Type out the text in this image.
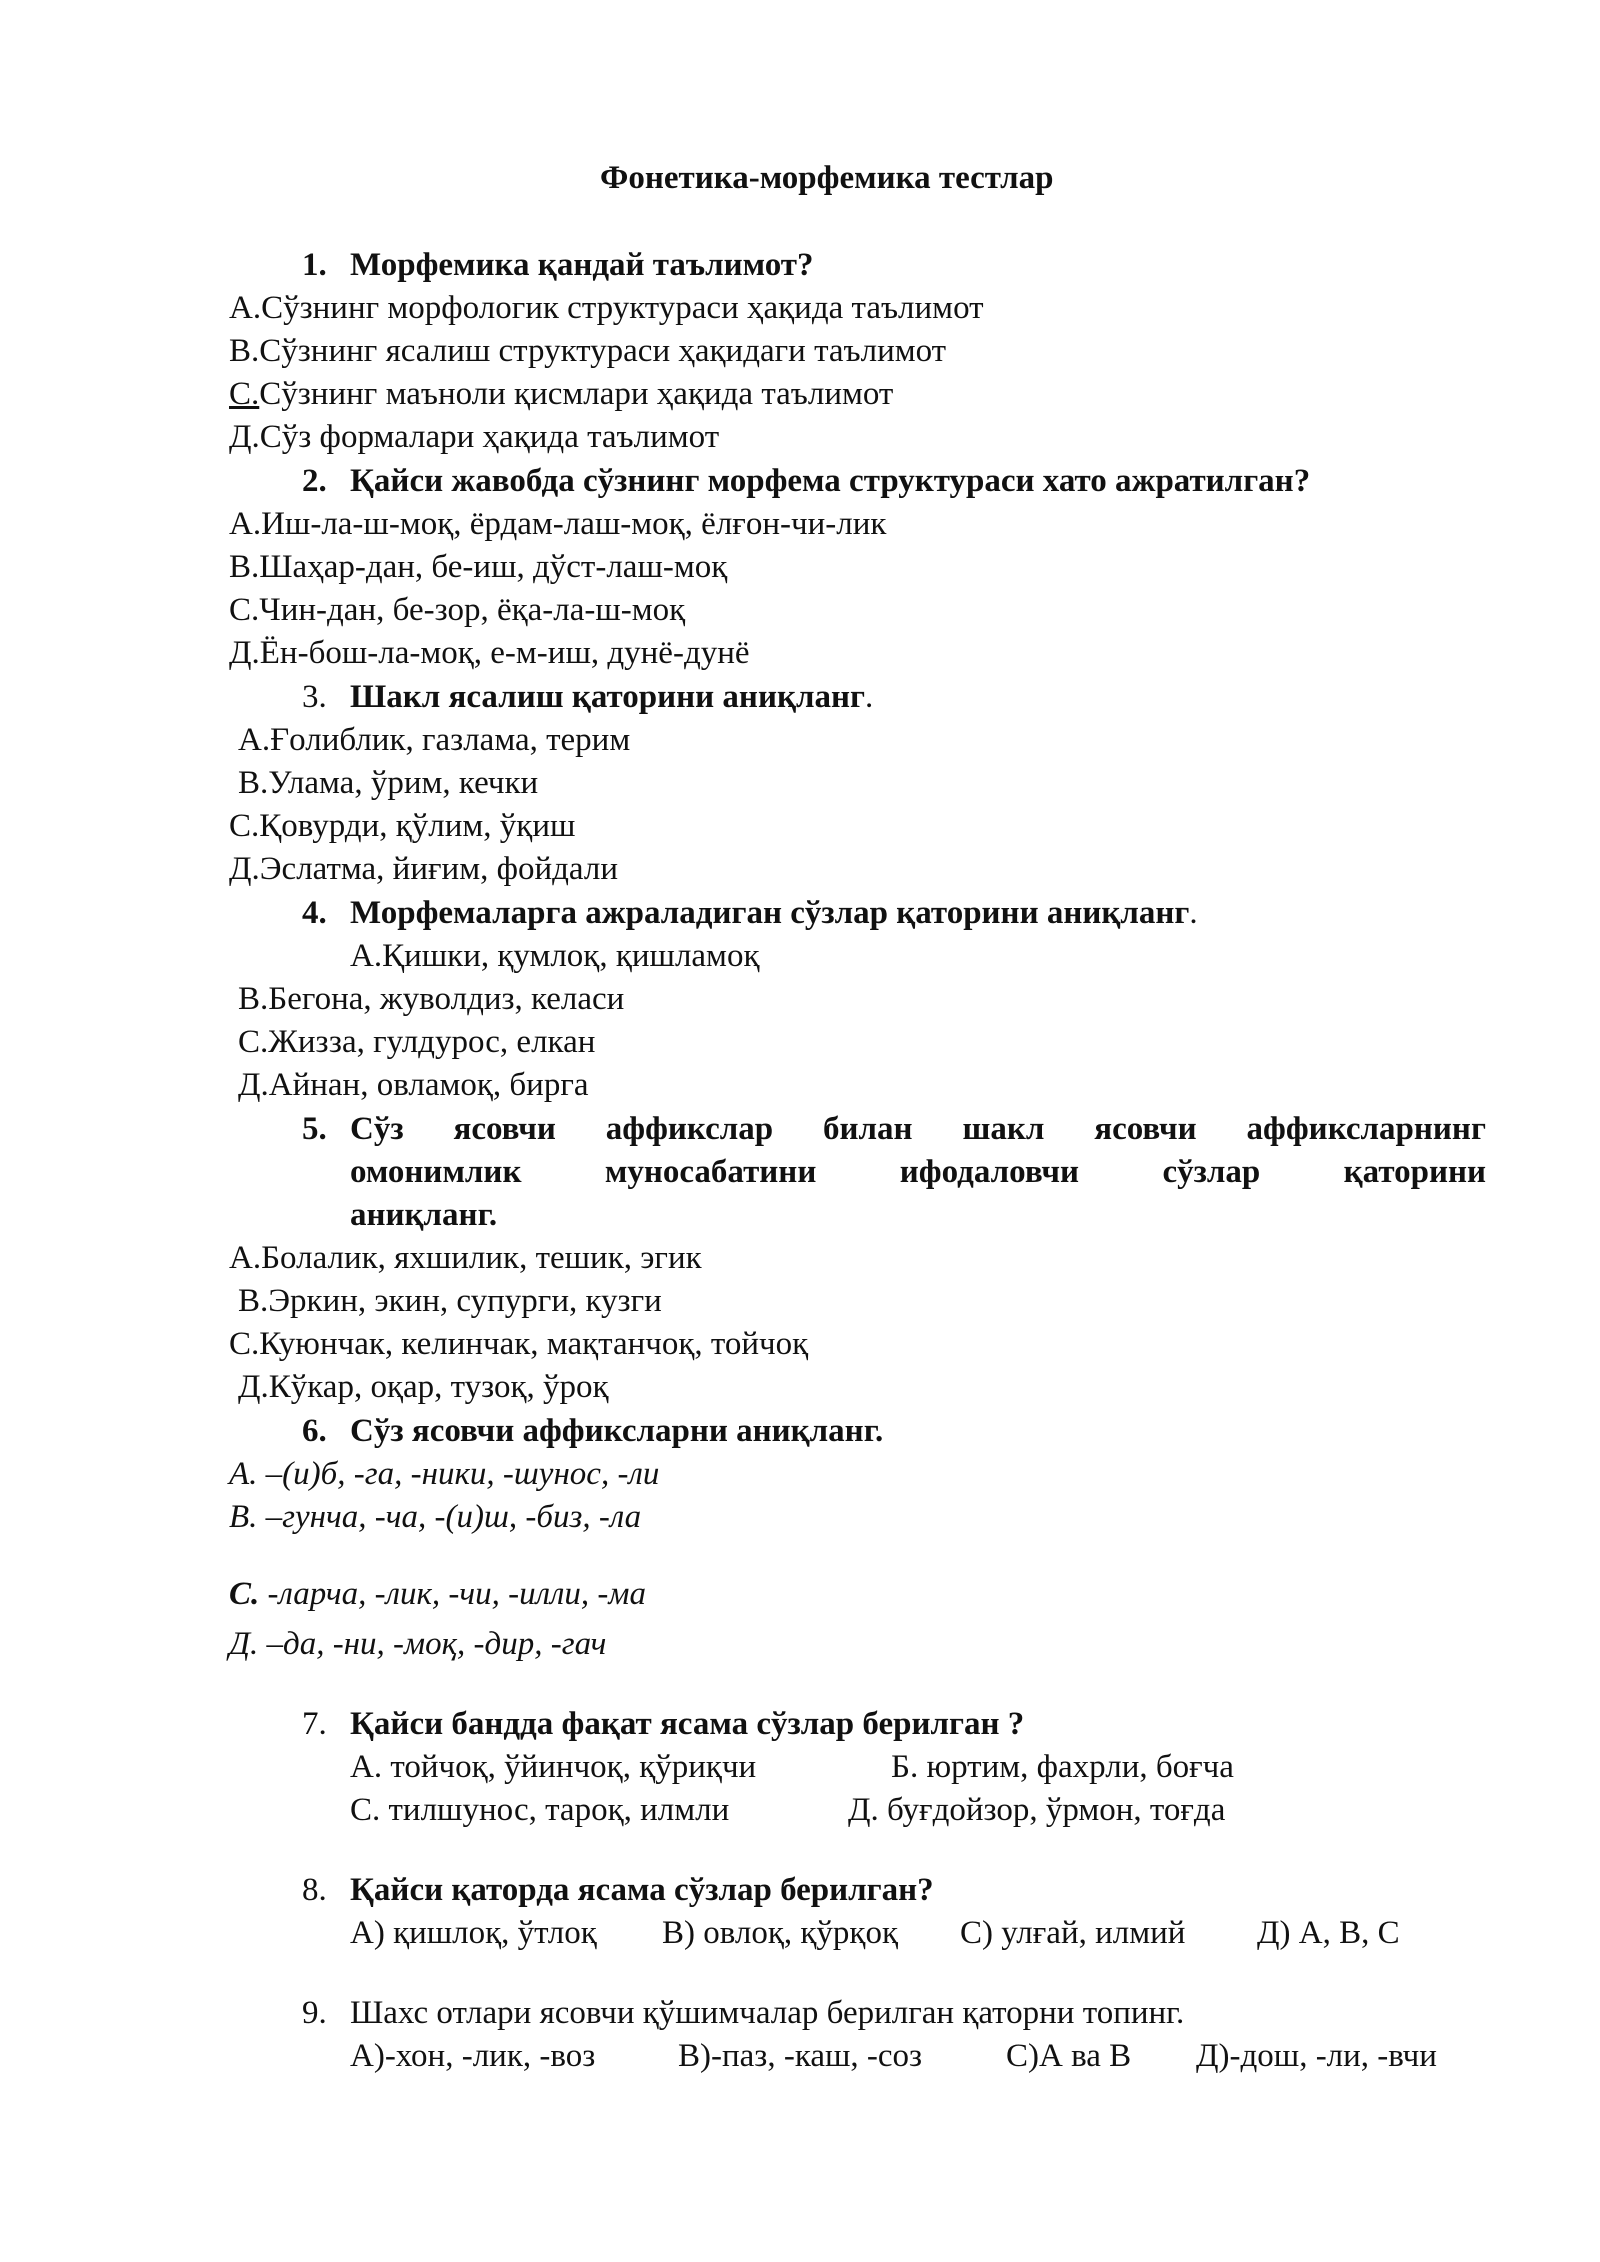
Фонетика-морфемика тестлар
1. Морфемика қандай таълимот?
А.Сўзнинг морфологик структураси ҳақида таълимот
В.Сўзнинг ясалиш структураси ҳақидаги таълимот
С.Сўзнинг маъноли қисмлари ҳақида таълимот
Д.Сўз формалари ҳақида таълимот
2. Қайси жавобда сўзнинг морфема структураси хато ажратилган?
А.Иш-ла-ш-моқ, ёрдам-лаш-моқ, ёлғон-чи-лик
В.Шаҳар-дан, бе-иш, дўст-лаш-моқ
С.Чин-дан, бе-зор, ёқа-ла-ш-моқ
Д.Ён-бош-ла-моқ, е-м-иш, дунё-дунё
3. Шакл ясалиш қаторини аниқланг.
А.Ғолиблик, газлама, терим
В.Улама, ўрим, кечки
С.Қовурди, қўлим, ўқиш
Д.Эслатма, йиғим, фойдали
4. Морфемаларга ажраладиган сўзлар қаторини аниқланг.
А.Қишки, қумлоқ, қишламоқ
В.Бегона, жуволдиз, келаси
С.Жизза, гулдурос, елкан
Д.Айнан, овламоқ, бирга
5. Сўз ясовчи аффикслар билан шакл ясовчи аффиксларнинг
омонимлик	муносабатини	ифодаловчи	сўзлар	қаторини
аниқланг.
А.Болалик, яхшилик, тешик, эгик
В.Эркин, экин, супурги, кузги
С.Куюнчак, келинчак, мақтанчоқ, тойчоқ
Д.Кўкар, оқар, тузоқ, ўроқ
6. Сўз ясовчи аффиксларни аниқланг.
А. –(и)б, -га, -ники, -шунос, -ли
В. –гунча, -ча, -(и)ш, -биз, -ла
С. -ларча, -лик, -чи, -илли, -ма
Д. –да, -ни, -моқ, -дир, -гач
7. Қайси бандда фақат ясама сўзлар берилган ?
А. тойчоқ, ўйинчоқ, қўриқчи	Б. юртим, фахрли, боғча
С. тилшунос, тароқ, илмли	Д. буғдойзор, ўрмон, тоғда
8. Қайси қаторда ясама сўзлар берилган?
А) қишлоқ, ўтлоқ В) овлоқ, қўрқоқ С) улғай, илмий Д) А, В, С
9. Шахс отлари ясовчи қўшимчалар берилган қаторни топинг.
А)-хон, -лик, -воз	В)-паз, -каш, -соз	С)А ва В Д)-дош, -ли, -вчи
